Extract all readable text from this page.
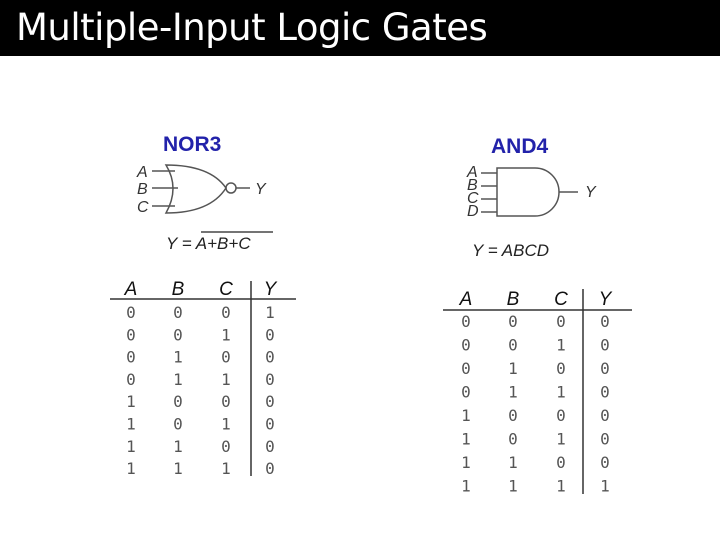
Multiple-Input Logic Gates
NOR3
A
B
C
Y
Y = A+B+C
A B C Y
0 0 0 1
0 0 1 0
0 1 0 0
0 1 1 0
1 0 0 0
1 0 1 0
1 1 0 0
1 1 1 0
AND4
A
B
C
D
Y
Y = ABCD
A B C Y
0 0 0 0
0 0 1 0
0 1 0 0
0 1 1 0
1 0 0 0
1 0 1 0
1 1 0 0
1 1 1 1
